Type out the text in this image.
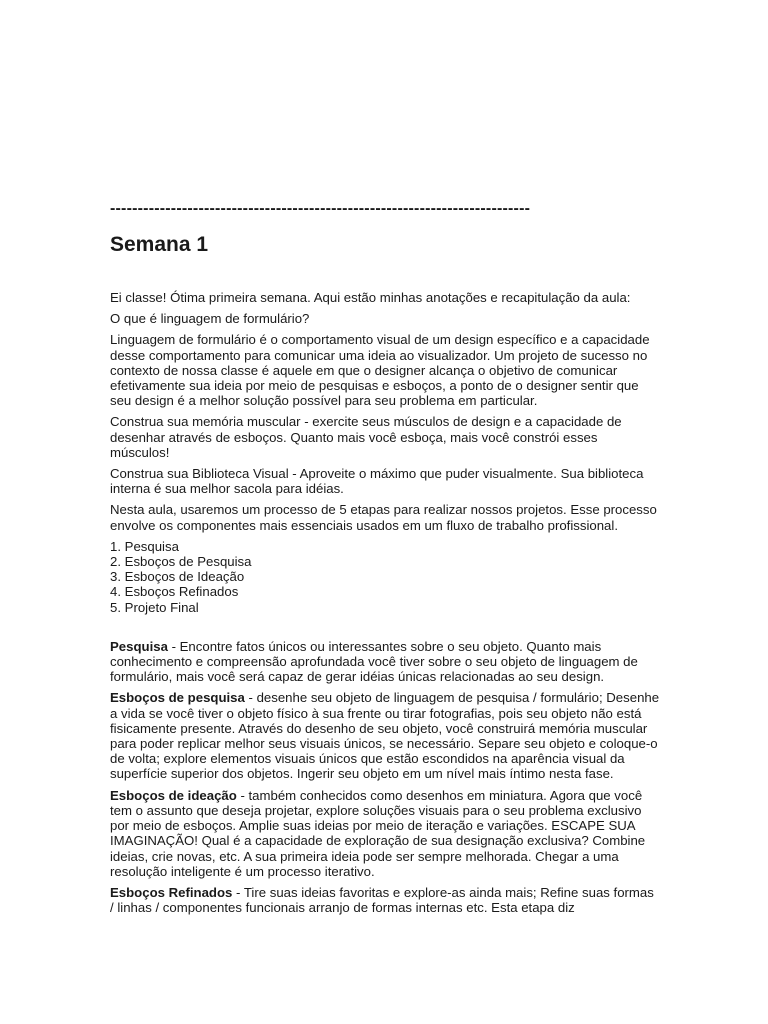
----------------------------------------------------------------------------

Semana 1

Ei classe! Ótima primeira semana. Aqui estão minhas anotações e recapitulação da aula:

O que é linguagem de formulário?

Linguagem de formulário é o comportamento visual de um design específico e a capacidade desse comportamento para comunicar uma ideia ao visualizador. Um projeto de sucesso no contexto de nossa classe é aquele em que o designer alcança o objetivo de comunicar efetivamente sua ideia por meio de pesquisas e esboços, a ponto de o designer sentir que seu design é a melhor solução possível para seu problema em particular.

Construa sua memória muscular - exercite seus músculos de design e a capacidade de desenhar através de esboços. Quanto mais você esboça, mais você constrói esses músculos!

Construa sua Biblioteca Visual - Aproveite o máximo que puder visualmente. Sua biblioteca interna é sua melhor sacola para idéias.

Nesta aula, usaremos um processo de 5 etapas para realizar nossos projetos. Esse processo envolve os componentes mais essenciais usados em um fluxo de trabalho profissional.

1. Pesquisa
2. Esboços de Pesquisa
3. Esboços de Ideação
4. Esboços Refinados
5. Projeto Final

Pesquisa - Encontre fatos únicos ou interessantes sobre o seu objeto. Quanto mais conhecimento e compreensão aprofundada você tiver sobre o seu objeto de linguagem de formulário, mais você será capaz de gerar idéias únicas relacionadas ao seu design.

Esboços de pesquisa - desenhe seu objeto de linguagem de pesquisa / formulário; Desenhe a vida se você tiver o objeto físico à sua frente ou tirar fotografias, pois seu objeto não está fisicamente presente. Através do desenho de seu objeto, você construirá memória muscular para poder replicar melhor seus visuais únicos, se necessário. Separe seu objeto e coloque-o de volta; explore elementos visuais únicos que estão escondidos na aparência visual da superfície superior dos objetos. Ingerir seu objeto em um nível mais íntimo nesta fase.

Esboços de ideação - também conhecidos como desenhos em miniatura. Agora que você tem o assunto que deseja projetar, explore soluções visuais para o seu problema exclusivo por meio de esboços. Amplie suas ideias por meio de iteração e variações. ESCAPE SUA IMAGINAÇÃO! Qual é a capacidade de exploração de sua designação exclusiva? Combine ideias, crie novas, etc. A sua primeira ideia pode ser sempre melhorada. Chegar a uma resolução inteligente é um processo iterativo.

Esboços Refinados - Tire suas ideias favoritas e explore-as ainda mais; Refine suas formas / linhas / componentes funcionais arranjo de formas internas etc. Esta etapa diz
